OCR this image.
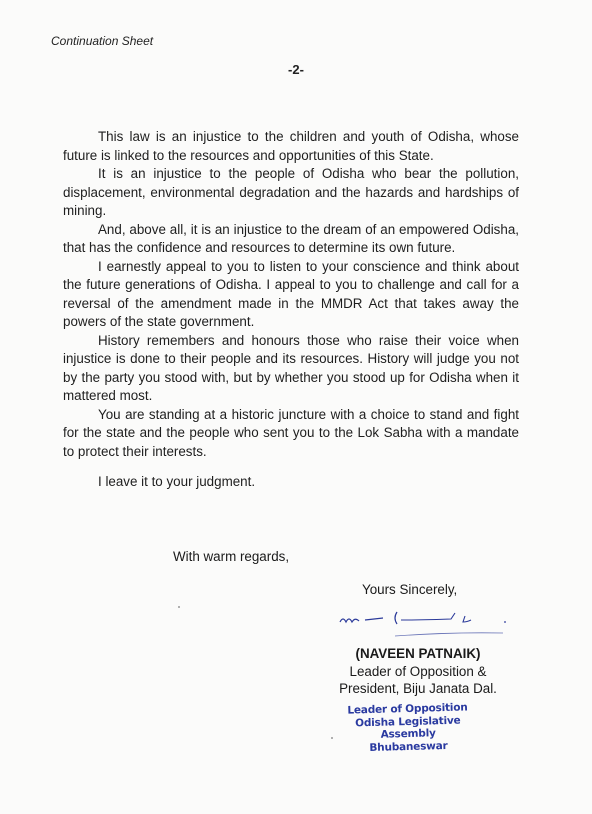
Continuation Sheet
-2-

This law is an injustice to the children and youth of Odisha, whose future is linked to the resources and opportunities of this State.

It is an injustice to the people of Odisha who bear the pollution, displacement, environmental degradation and the hazards and hardships of mining.

And, above all, it is an injustice to the dream of an empowered Odisha, that has the confidence and resources to determine its own future.

I earnestly appeal to you to listen to your conscience and think about the future generations of Odisha. I appeal to you to challenge and call for a reversal of the amendment made in the MMDR Act that takes away the powers of the state government.

History remembers and honours those who raise their voice when injustice is done to their people and its resources. History will judge you not by the party you stood with, but by whether you stood up for Odisha when it mattered most.

You are standing at a historic juncture with a choice to stand and fight for the state and the people who sent you to the Lok Sabha with a mandate to protect their interests.

I leave it to your judgment.

With warm regards,
Yours Sincerely,
(NAVEEN PATNAIK)
Leader of Opposition &
President, Biju Janata Dal.
Leader of Opposition
Odisha Legislative Assembly
Bhubaneswar
